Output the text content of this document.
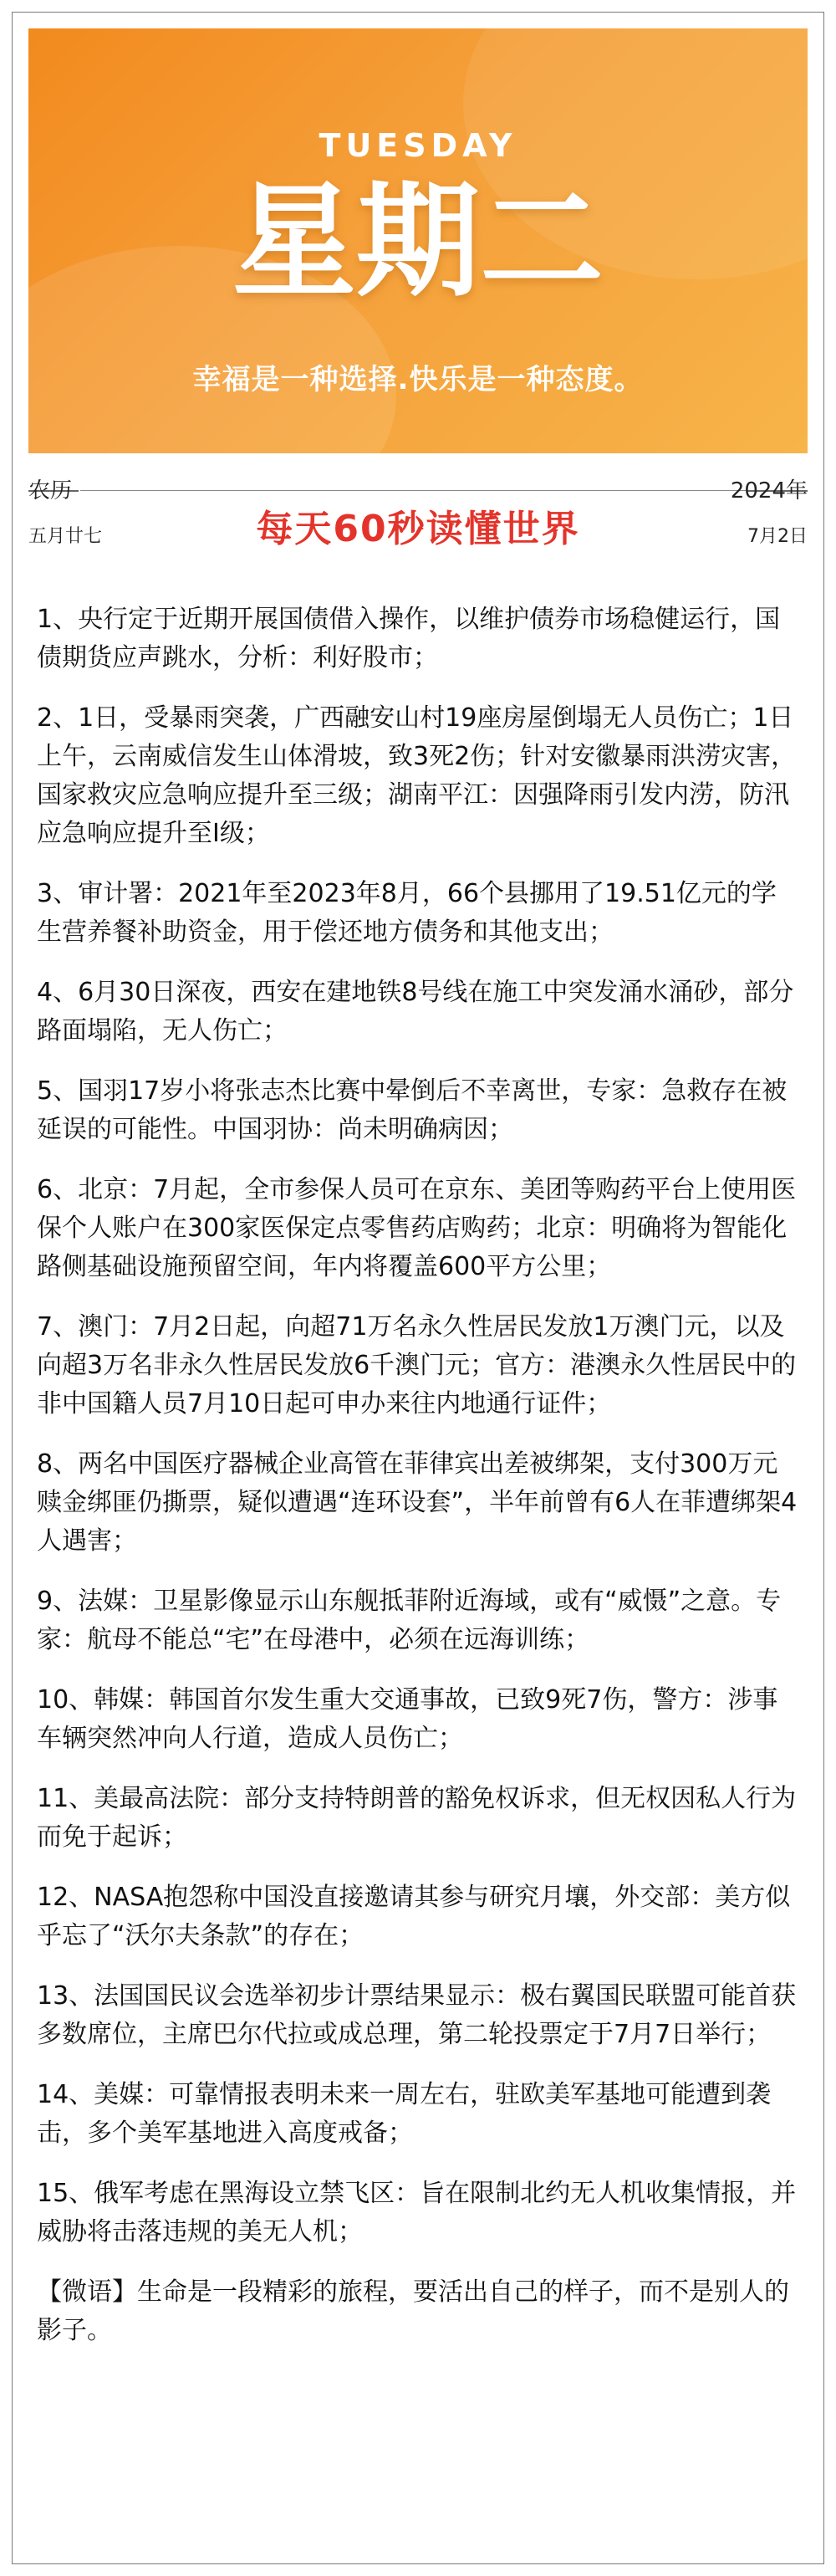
TUESDAY
星期二
幸福是一种选择.快乐是一种态度。
农历
五月廿七	每天60秒读懂世界
2024年
7月2日
1、央行定于近期开展国债借入操作，以维护债券市场稳健运行，国债期货应声跳水，分析：利好股市；
2、1日，受暴雨突袭，广西融安山村19座房屋倒塌无人员伤亡；1日上午，云南威信发生山体滑坡，致3死2伤；针对安徽暴雨洪涝灾害，国家救灾应急响应提升至三级；湖南平江：因强降雨引发内涝，防汛应急响应提升至Ⅰ级；
3、审计署：2021年至2023年8月，66个县挪用了19.51亿元的学生营养餐补助资金，用于偿还地方债务和其他支出；
4、6月30日深夜，西安在建地铁8号线在施工中突发涌水涌砂，部分路面塌陷，无人伤亡；
5、国羽17岁小将张志杰比赛中晕倒后不幸离世，专家：急救存在被延误的可能性。中国羽协：尚未明确病因；
6、北京：7月起，全市参保人员可在京东、美团等购药平台上使用医保个人账户在300家医保定点零售药店购药；北京：明确将为智能化路侧基础设施预留空间，年内将覆盖600平方公里；
7、澳门：7月2日起，向超71万名永久性居民发放1万澳门元，以及向超3万名非永久性居民发放6千澳门元；官方：港澳永久性居民中的非中国籍人员7月10日起可申办来往内地通行证件；
8、两名中国医疗器械企业高管在菲律宾出差被绑架，支付300万元赎金绑匪仍撕票，疑似遭遇“连环设套”，半年前曾有6人在菲遭绑架4人遇害；
9、法媒：卫星影像显示山东舰抵菲附近海域，或有“威慑”之意。专家：航母不能总“宅”在母港中，必须在远海训练；
10、韩媒：韩国首尔发生重大交通事故，已致9死7伤，警方：涉事车辆突然冲向人行道，造成人员伤亡；
11、美最高法院：部分支持特朗普的豁免权诉求，但无权因私人行为而免于起诉；
12、NASA抱怨称中国没直接邀请其参与研究月壤，外交部：美方似乎忘了“沃尔夫条款”的存在；
13、法国国民议会选举初步计票结果显示：极右翼国民联盟可能首获多数席位，主席巴尔代拉或成总理，第二轮投票定于7月7日举行；
14、美媒：可靠情报表明未来一周左右，驻欧美军基地可能遭到袭击，多个美军基地进入高度戒备；
15、俄军考虑在黑海设立禁飞区：旨在限制北约无人机收集情报，并威胁将击落违规的美无人机；
【微语】生命是一段精彩的旅程，要活出自己的样子，而不是别人的影子。
